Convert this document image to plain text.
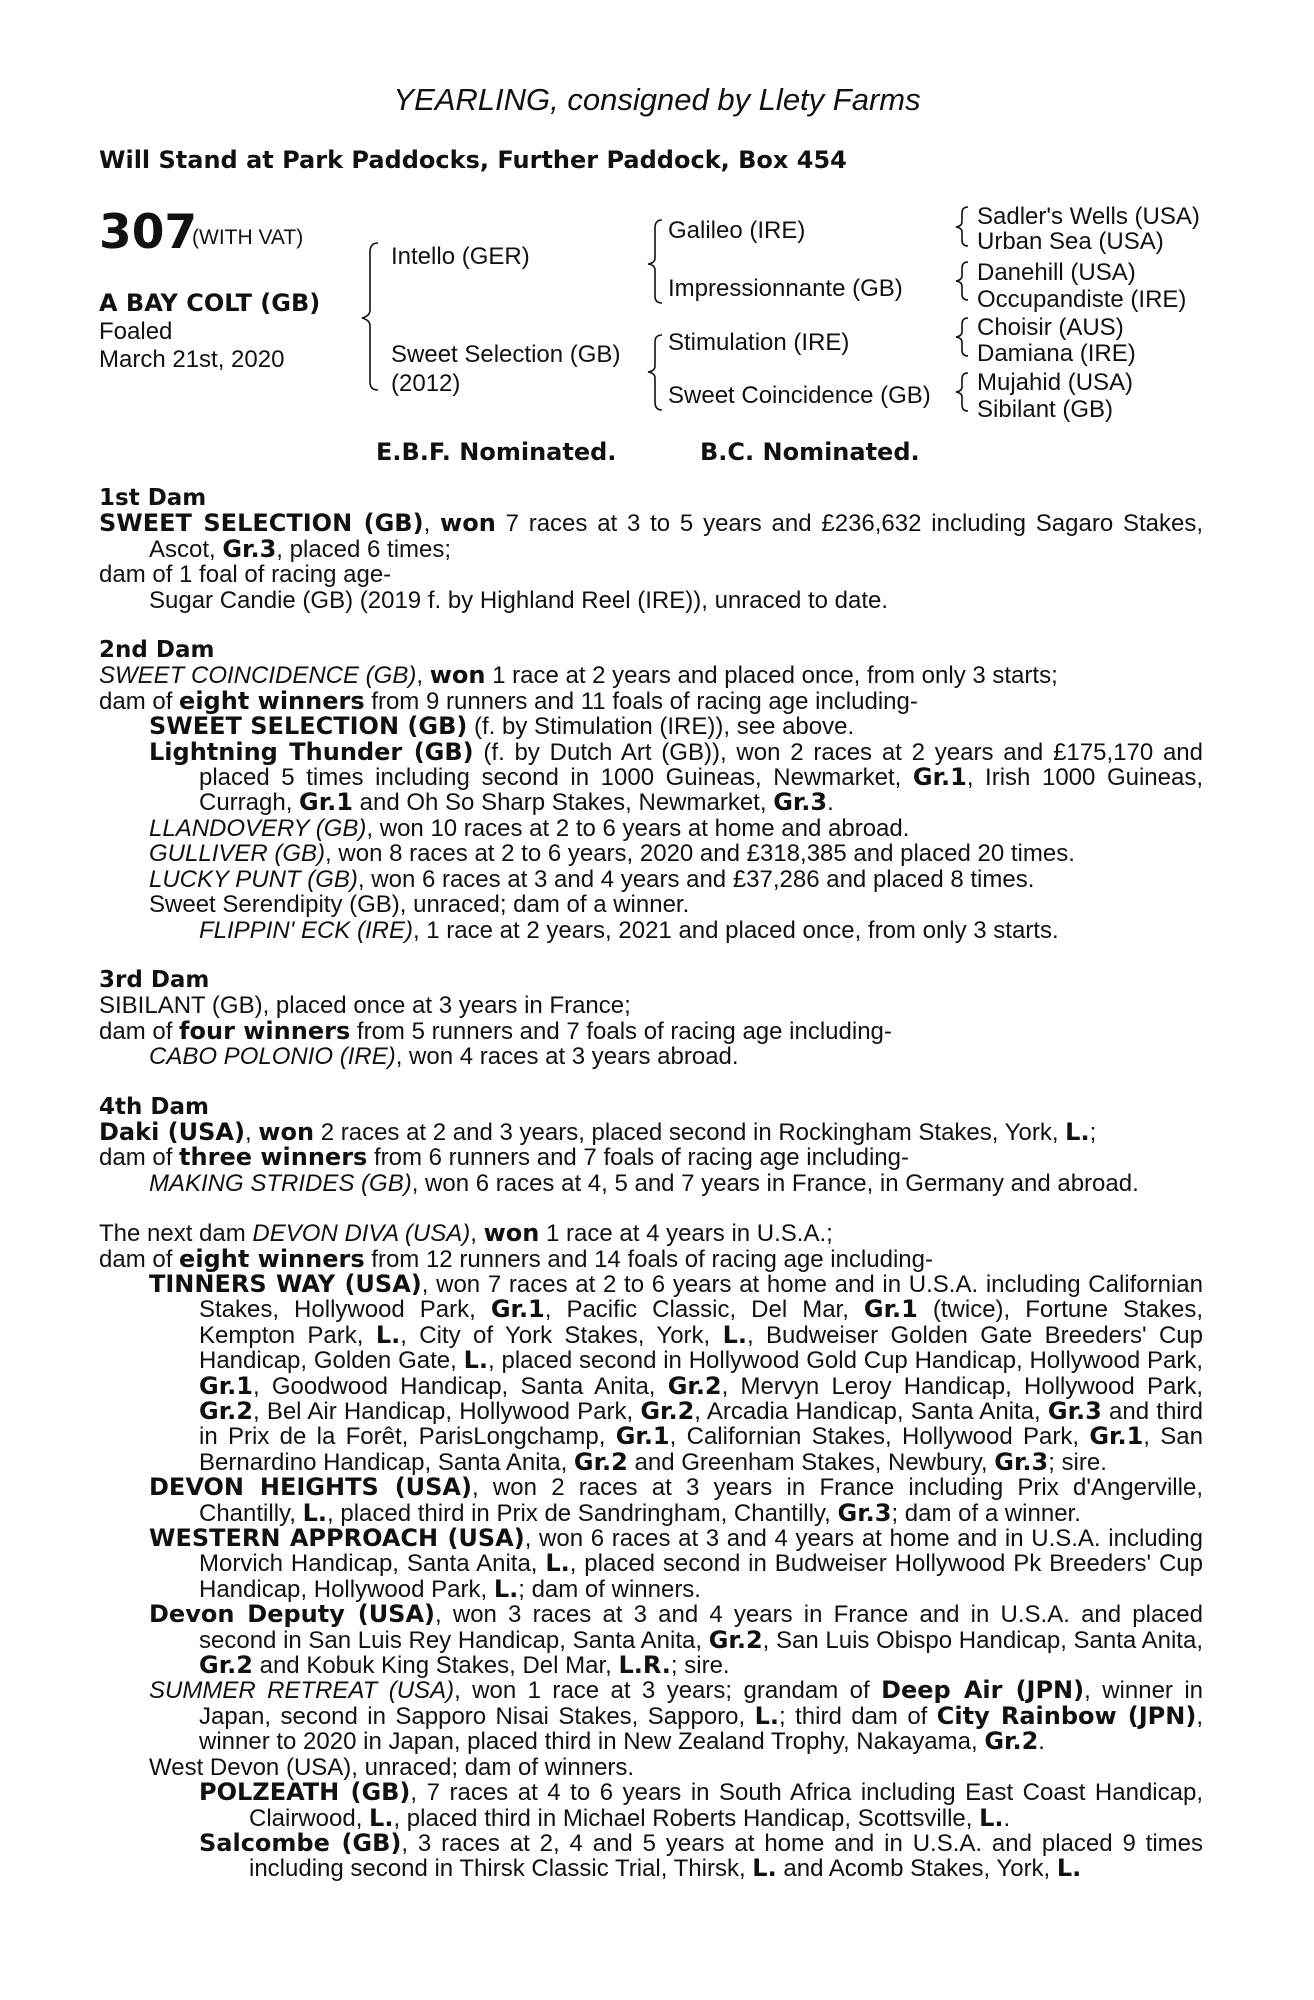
YEARLING, consigned by Llety Farms
Will Stand at Park Paddocks, Further Paddock, Box 454
307
(WITH VAT)
A BAY COLT (GB)
Foaled
March 21st, 2020
Intello (GER)
Sweet Selection (GB)
(2012)
Galileo (IRE)
Impressionnante (GB)
Stimulation (IRE)
Sweet Coincidence (GB)
Sadler's Wells (USA)
Urban Sea (USA)
Danehill (USA)
Occupandiste (IRE)
Choisir (AUS)
Damiana (IRE)
Mujahid (USA)
Sibilant (GB)
E.B.F. Nominated.	B.C. Nominated.
1st Dam
SWEET SELECTION (GB), won 7 races at 3 to 5 years and £236,632 including Sagaro Stakes, Ascot, Gr.3, placed 6 times;
dam of 1 foal of racing age-
Sugar Candie (GB) (2019 f. by Highland Reel (IRE)), unraced to date.
2nd Dam
SWEET COINCIDENCE (GB), won 1 race at 2 years and placed once, from only 3 starts;
dam of eight winners from 9 runners and 11 foals of racing age including-
SWEET SELECTION (GB) (f. by Stimulation (IRE)), see above.
Lightning Thunder (GB) (f. by Dutch Art (GB)), won 2 races at 2 years and £175,170 and placed 5 times including second in 1000 Guineas, Newmarket, Gr.1, Irish 1000 Guineas, Curragh, Gr.1 and Oh So Sharp Stakes, Newmarket, Gr.3.
LLANDOVERY (GB), won 10 races at 2 to 6 years at home and abroad.
GULLIVER (GB), won 8 races at 2 to 6 years, 2020 and £318,385 and placed 20 times.
LUCKY PUNT (GB), won 6 races at 3 and 4 years and £37,286 and placed 8 times.
Sweet Serendipity (GB), unraced; dam of a winner.
FLIPPIN' ECK (IRE), 1 race at 2 years, 2021 and placed once, from only 3 starts.
3rd Dam
SIBILANT (GB), placed once at 3 years in France;
dam of four winners from 5 runners and 7 foals of racing age including-
CABO POLONIO (IRE), won 4 races at 3 years abroad.
4th Dam
Daki (USA), won 2 races at 2 and 3 years, placed second in Rockingham Stakes, York, L.;
dam of three winners from 6 runners and 7 foals of racing age including-
MAKING STRIDES (GB), won 6 races at 4, 5 and 7 years in France, in Germany and abroad.
The next dam DEVON DIVA (USA), won 1 race at 4 years in U.S.A.;
dam of eight winners from 12 runners and 14 foals of racing age including-
TINNERS WAY (USA), won 7 races at 2 to 6 years at home and in U.S.A. including Californian Stakes, Hollywood Park, Gr.1, Pacific Classic, Del Mar, Gr.1 (twice), Fortune Stakes, Kempton Park, L., City of York Stakes, York, L., Budweiser Golden Gate Breeders' Cup Handicap, Golden Gate, L., placed second in Hollywood Gold Cup Handicap, Hollywood Park, Gr.1, Goodwood Handicap, Santa Anita, Gr.2, Mervyn Leroy Handicap, Hollywood Park, Gr.2, Bel Air Handicap, Hollywood Park, Gr.2, Arcadia Handicap, Santa Anita, Gr.3 and third in Prix de la Forêt, ParisLongchamp, Gr.1, Californian Stakes, Hollywood Park, Gr.1, San Bernardino Handicap, Santa Anita, Gr.2 and Greenham Stakes, Newbury, Gr.3; sire.
DEVON HEIGHTS (USA), won 2 races at 3 years in France including Prix d'Angerville, Chantilly, L., placed third in Prix de Sandringham, Chantilly, Gr.3; dam of a winner.
WESTERN APPROACH (USA), won 6 races at 3 and 4 years at home and in U.S.A. including Morvich Handicap, Santa Anita, L., placed second in Budweiser Hollywood Pk Breeders' Cup Handicap, Hollywood Park, L.; dam of winners.
Devon Deputy (USA), won 3 races at 3 and 4 years in France and in U.S.A. and placed second in San Luis Rey Handicap, Santa Anita, Gr.2, San Luis Obispo Handicap, Santa Anita, Gr.2 and Kobuk King Stakes, Del Mar, L.R.; sire.
SUMMER RETREAT (USA), won 1 race at 3 years; grandam of Deep Air (JPN), winner in Japan, second in Sapporo Nisai Stakes, Sapporo, L.; third dam of City Rainbow (JPN), winner to 2020 in Japan, placed third in New Zealand Trophy, Nakayama, Gr.2.
West Devon (USA), unraced; dam of winners.
POLZEATH (GB), 7 races at 4 to 6 years in South Africa including East Coast Handicap, Clairwood, L., placed third in Michael Roberts Handicap, Scottsville, L..
Salcombe (GB), 3 races at 2, 4 and 5 years at home and in U.S.A. and placed 9 times including second in Thirsk Classic Trial, Thirsk, L. and Acomb Stakes, York, L.
